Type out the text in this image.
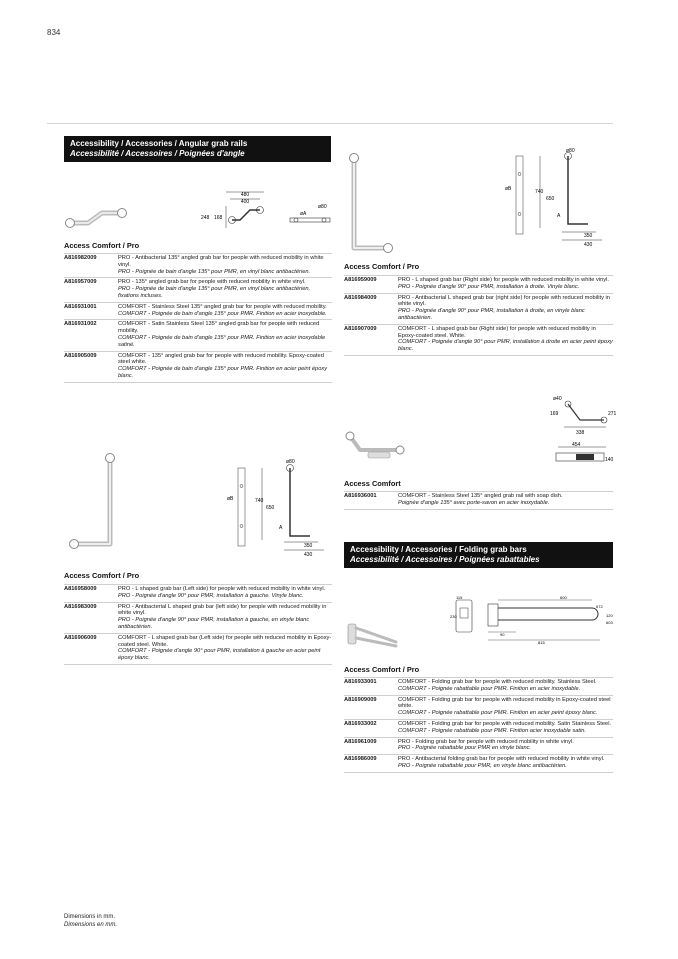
834
Accessibility / Accessories / Angular grab rails
Accessibilité / Accessoires / Poignées d'angle
480
400
248 168
øA
ø80
Access Comfort / Pro
A816982009	PRO - Antibacterial 135° angled grab bar for people with reduced mobility in white vinyl.
PRO - Poignée de bain d'angle 135° pour PMR, en vinyl blanc antibactérien.

A816957009	PRO - 135° angled grab bar for people with reduced mobility in white vinyl.
PRO - Poignée de bain d'angle 135° pour PMR, en vinyl blanc antibactérien, fixations incluses.

A816931001	COMFORT - Stainless Steel 135° angled grab bar for people with reduced mobility.
COMFORT - Poignée de bain d'angle 135° pour PMR. Finition en acier inoxydable.

A816931002	COMFORT - Satin Stainless Steel 135° angled grab bar for people with reduced mobility.
COMFORT - Poignée de bain d'angle 135° pour PMR. Finition en acier inoxydable satiné.

A816905009	COMFORT - 135° angled grab bar for people with reduced mobility. Epoxy-coated steel white.
COMFORT - Poignée de bain d'angle 135° pour PMR. Finition en acier peint époxy blanc.
ø80
øB	740
650
A
350
430
Access Comfort / Pro
A816958009	PRO - L shaped grab bar (Left side) for people with reduced mobility in white vinyl.
PRO - Poignée d'angle 90° pour PMR, installation à gauche. Vinyle blanc.

A816983009	PRO - Antibacterial L shaped grab bar (left side) for people with reduced mobility in white vinyl.
PRO - Poignée d'angle 90° pour PMR, installation à gauche, en vinyle blanc antibactérien.

A816906009	COMFORT - L shaped grab bar (Left side) for people with reduced mobility in Epoxy-coated steel. White.
COMFORT - Poignée d'angle 90° pour PMR, installation à gauche en acier peint époxy blanc.
ø80
øB	740
650
A
350
430
Access Comfort / Pro
A816959009	PRO - L shaped grab bar (Right side) for people with reduced mobility in white vinyl.
PRO - Poignée d'angle 90° pour PMR, installation à droite. Vinyle blanc.

A816984009	PRO - Antibacterial L shaped grab bar (right side) for people with reduced mobility in white vinyl.
PRO - Poignée d'angle 90° pour PMR, installation à droite, en vinyle blanc antibactérien.

A816907009	COMFORT - L shaped grab bar (Right side) for people with reduced mobility in Epoxy-coated steel. White.
COMFORT - Poignée d'angle 90° pour PMR, installation à droite en acier peint époxy blanc.
ø40
169	271
338
454
140
Access Comfort
A816936001	COMFORT - Stainless Steel 135° angled grab rail with soap dish.
Poignée d'angle 135° avec porte-savon en acier inoxydable.
Accessibility / Accessories / Folding grab bars
Accessibilité / Accessoires / Poignées rabattables
115
230
600
672
120
90
815
603
Access Comfort / Pro
A816933001	COMFORT - Folding grab bar for people with reduced mobility. Stainless Steel.
COMFORT - Poignée rabattable pour PMR. Finition en acier inoxydable.

A816909009	COMFORT - Folding grab bar for people with reduced mobility in Epoxy-coated steel white.
COMFORT - Poignée rabattable pour PMR. Finition en acier peint époxy blanc.

A816933002	COMFORT - Folding grab bar for people with reduced mobility. Satin Stainless Steel.
COMFORT - Poignée rabattable pour PMR. Finition acier inoxydable satin.

A816961009	PRO - Folding grab bar for people with reduced mobility in white vinyl.
PRO - Poignée rabattable pour PMR en vinyle blanc.

A816986009	PRO - Antibacterial folding grab bar for people with reduced mobility in white vinyl.
PRO - Poignée rabattable pour PMR, en vinyle blanc antibactérien.
Dimensions in mm.
Dimensions en mm.
